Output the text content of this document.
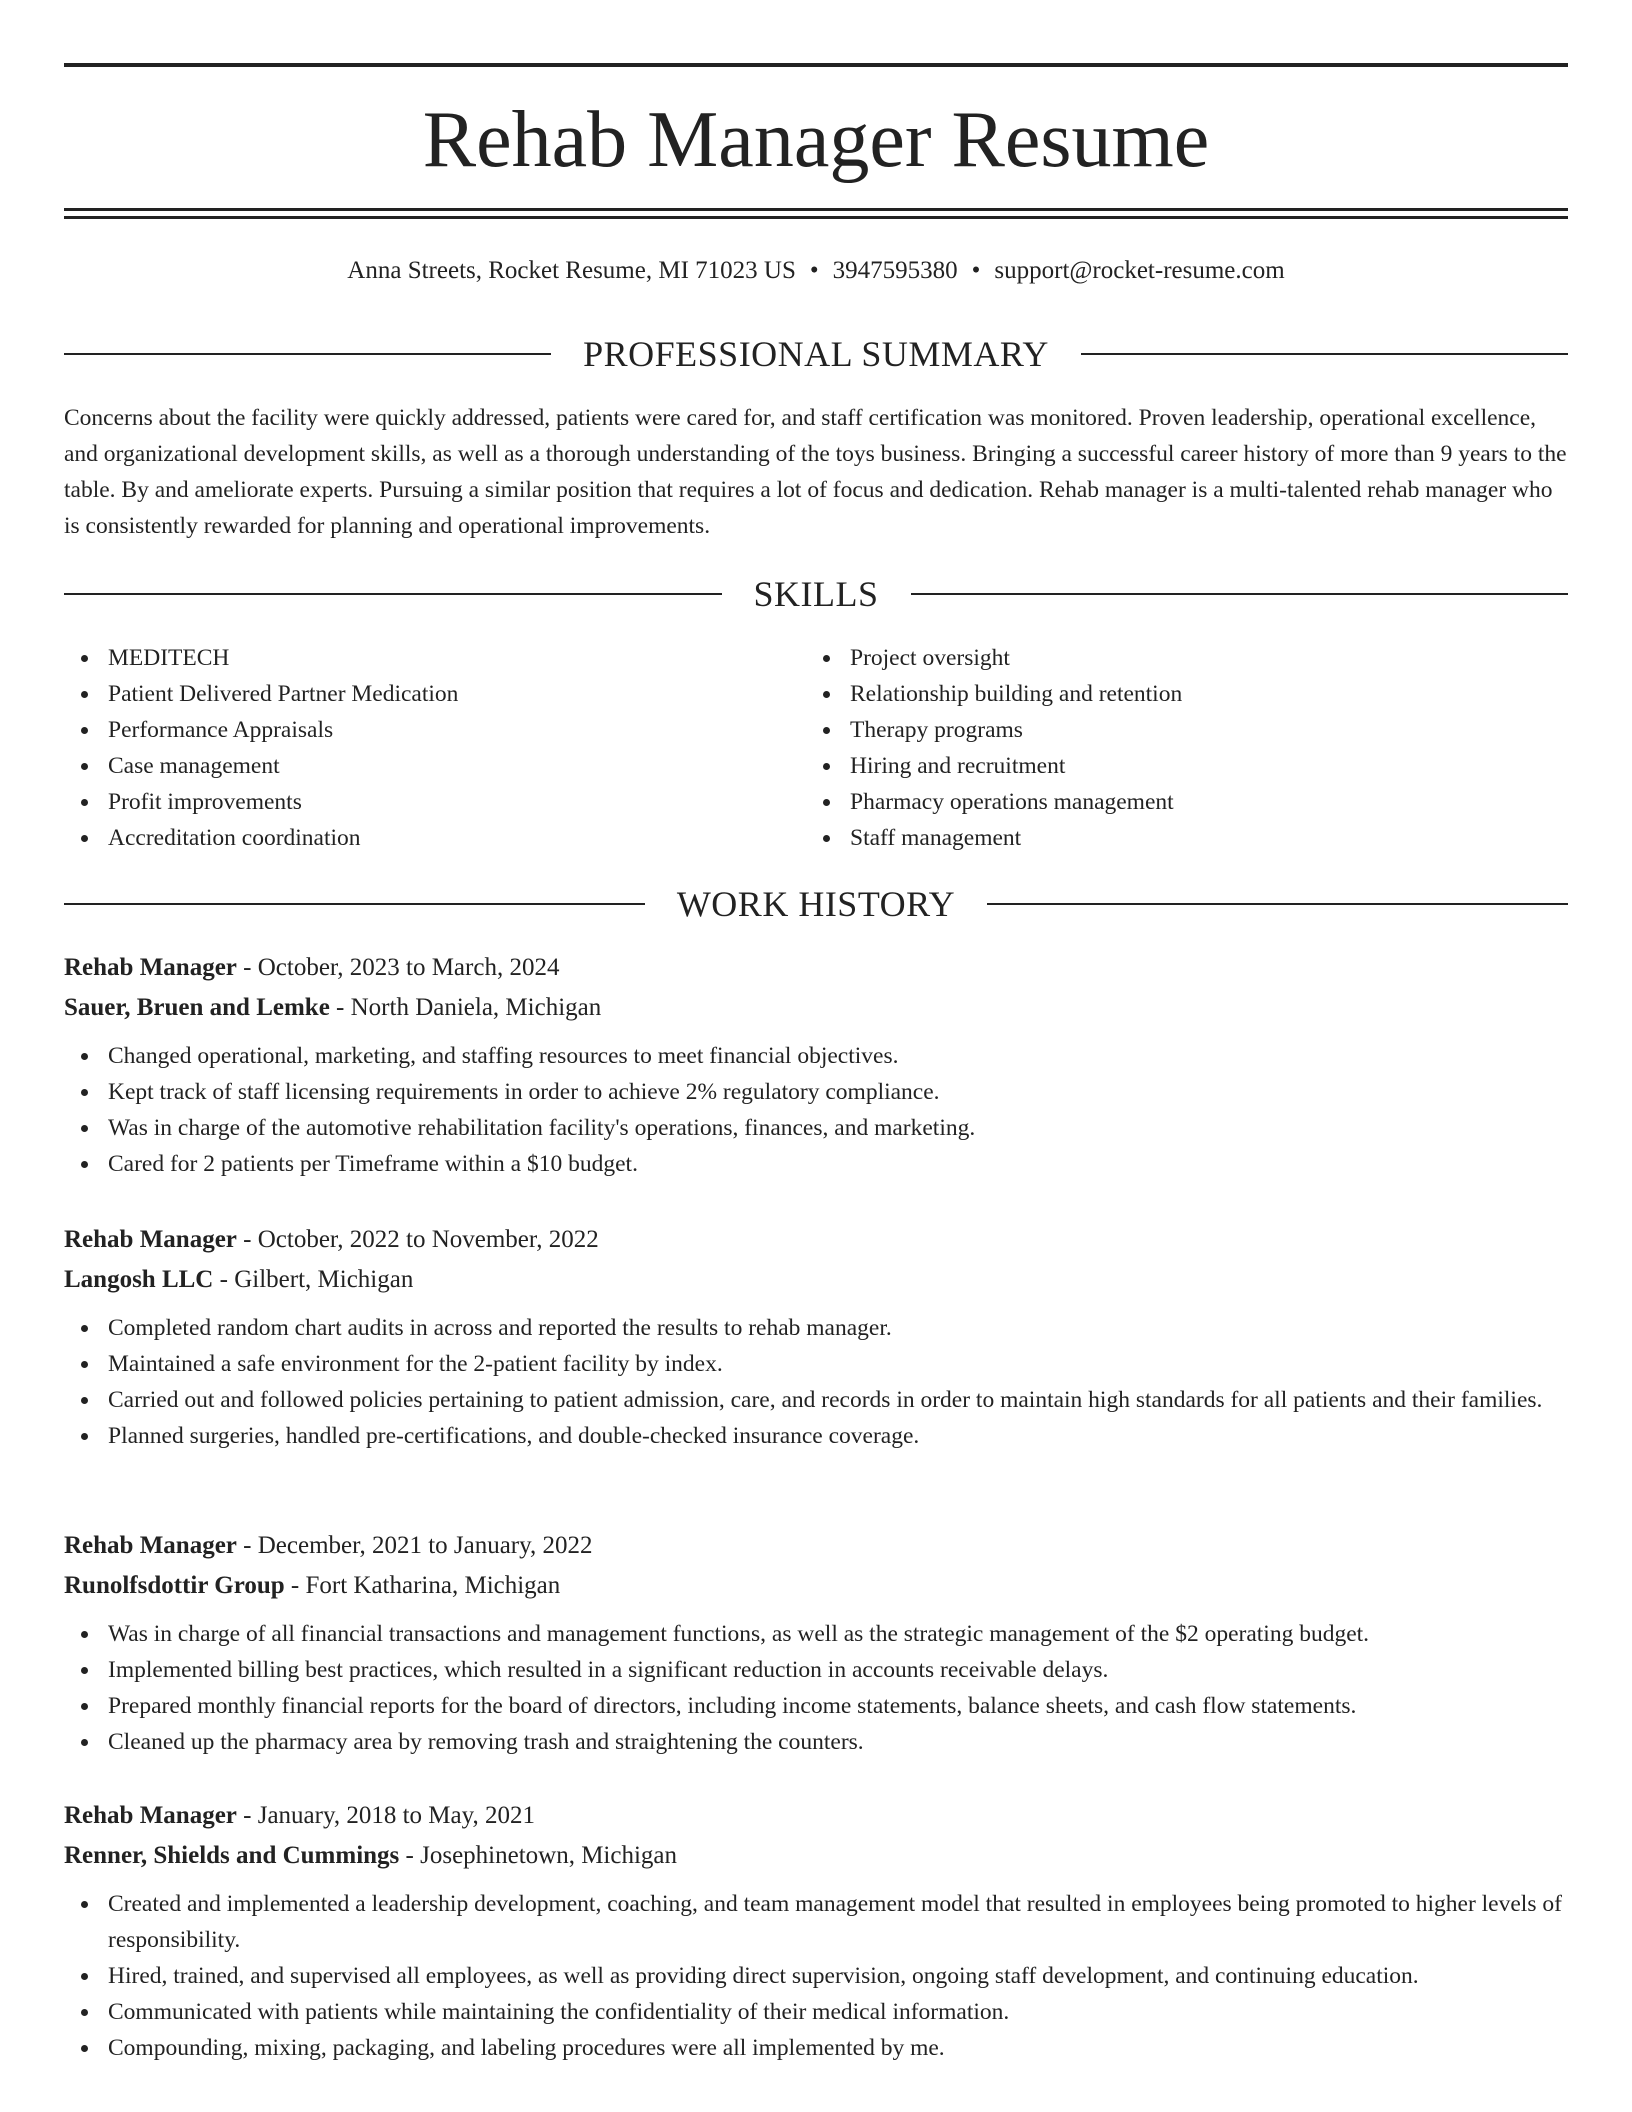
Rehab Manager Resume
Anna Streets, Rocket Resume, MI 71023 US • 3947595380 • support@rocket-resume.com
PROFESSIONAL SUMMARY

Concerns about the facility were quickly addressed, patients were cared for, and staff certification was monitored. Proven leadership, operational excellence, and organizational development skills, as well as a thorough understanding of the toys business. Bringing a successful career history of more than 9 years to the table. By and ameliorate experts. Pursuing a similar position that requires a lot of focus and dedication. Rehab manager is a multi-talented rehab manager who is consistently rewarded for planning and operational improvements.

SKILLS
MEDITECH
Patient Delivered Partner Medication
Performance Appraisals
Case management
Profit improvements
Accreditation coordination
Project oversight
Relationship building and retention
Therapy programs
Hiring and recruitment
Pharmacy operations management
Staff management
WORK HISTORY
Rehab Manager - October, 2023 to March, 2024
Sauer, Bruen and Lemke - North Daniela, Michigan
Changed operational, marketing, and staffing resources to meet financial objectives.
Kept track of staff licensing requirements in order to achieve 2% regulatory compliance.
Was in charge of the automotive rehabilitation facility's operations, finances, and marketing.
Cared for 2 patients per Timeframe within a $10 budget.
Rehab Manager - October, 2022 to November, 2022
Langosh LLC - Gilbert, Michigan
Completed random chart audits in across and reported the results to rehab manager.
Maintained a safe environment for the 2-patient facility by index.
Carried out and followed policies pertaining to patient admission, care, and records in order to maintain high standards for all patients and their families.
Planned surgeries, handled pre-certifications, and double-checked insurance coverage.
Rehab Manager - December, 2021 to January, 2022
Runolfsdottir Group - Fort Katharina, Michigan
Was in charge of all financial transactions and management functions, as well as the strategic management of the $2 operating budget.
Implemented billing best practices, which resulted in a significant reduction in accounts receivable delays.
Prepared monthly financial reports for the board of directors, including income statements, balance sheets, and cash flow statements.
Cleaned up the pharmacy area by removing trash and straightening the counters.
Rehab Manager - January, 2018 to May, 2021
Renner, Shields and Cummings - Josephinetown, Michigan
Created and implemented a leadership development, coaching, and team management model that resulted in employees being promoted to higher levels of responsibility.
Hired, trained, and supervised all employees, as well as providing direct supervision, ongoing staff development, and continuing education.
Communicated with patients while maintaining the confidentiality of their medical information.
Compounding, mixing, packaging, and labeling procedures were all implemented by me.
